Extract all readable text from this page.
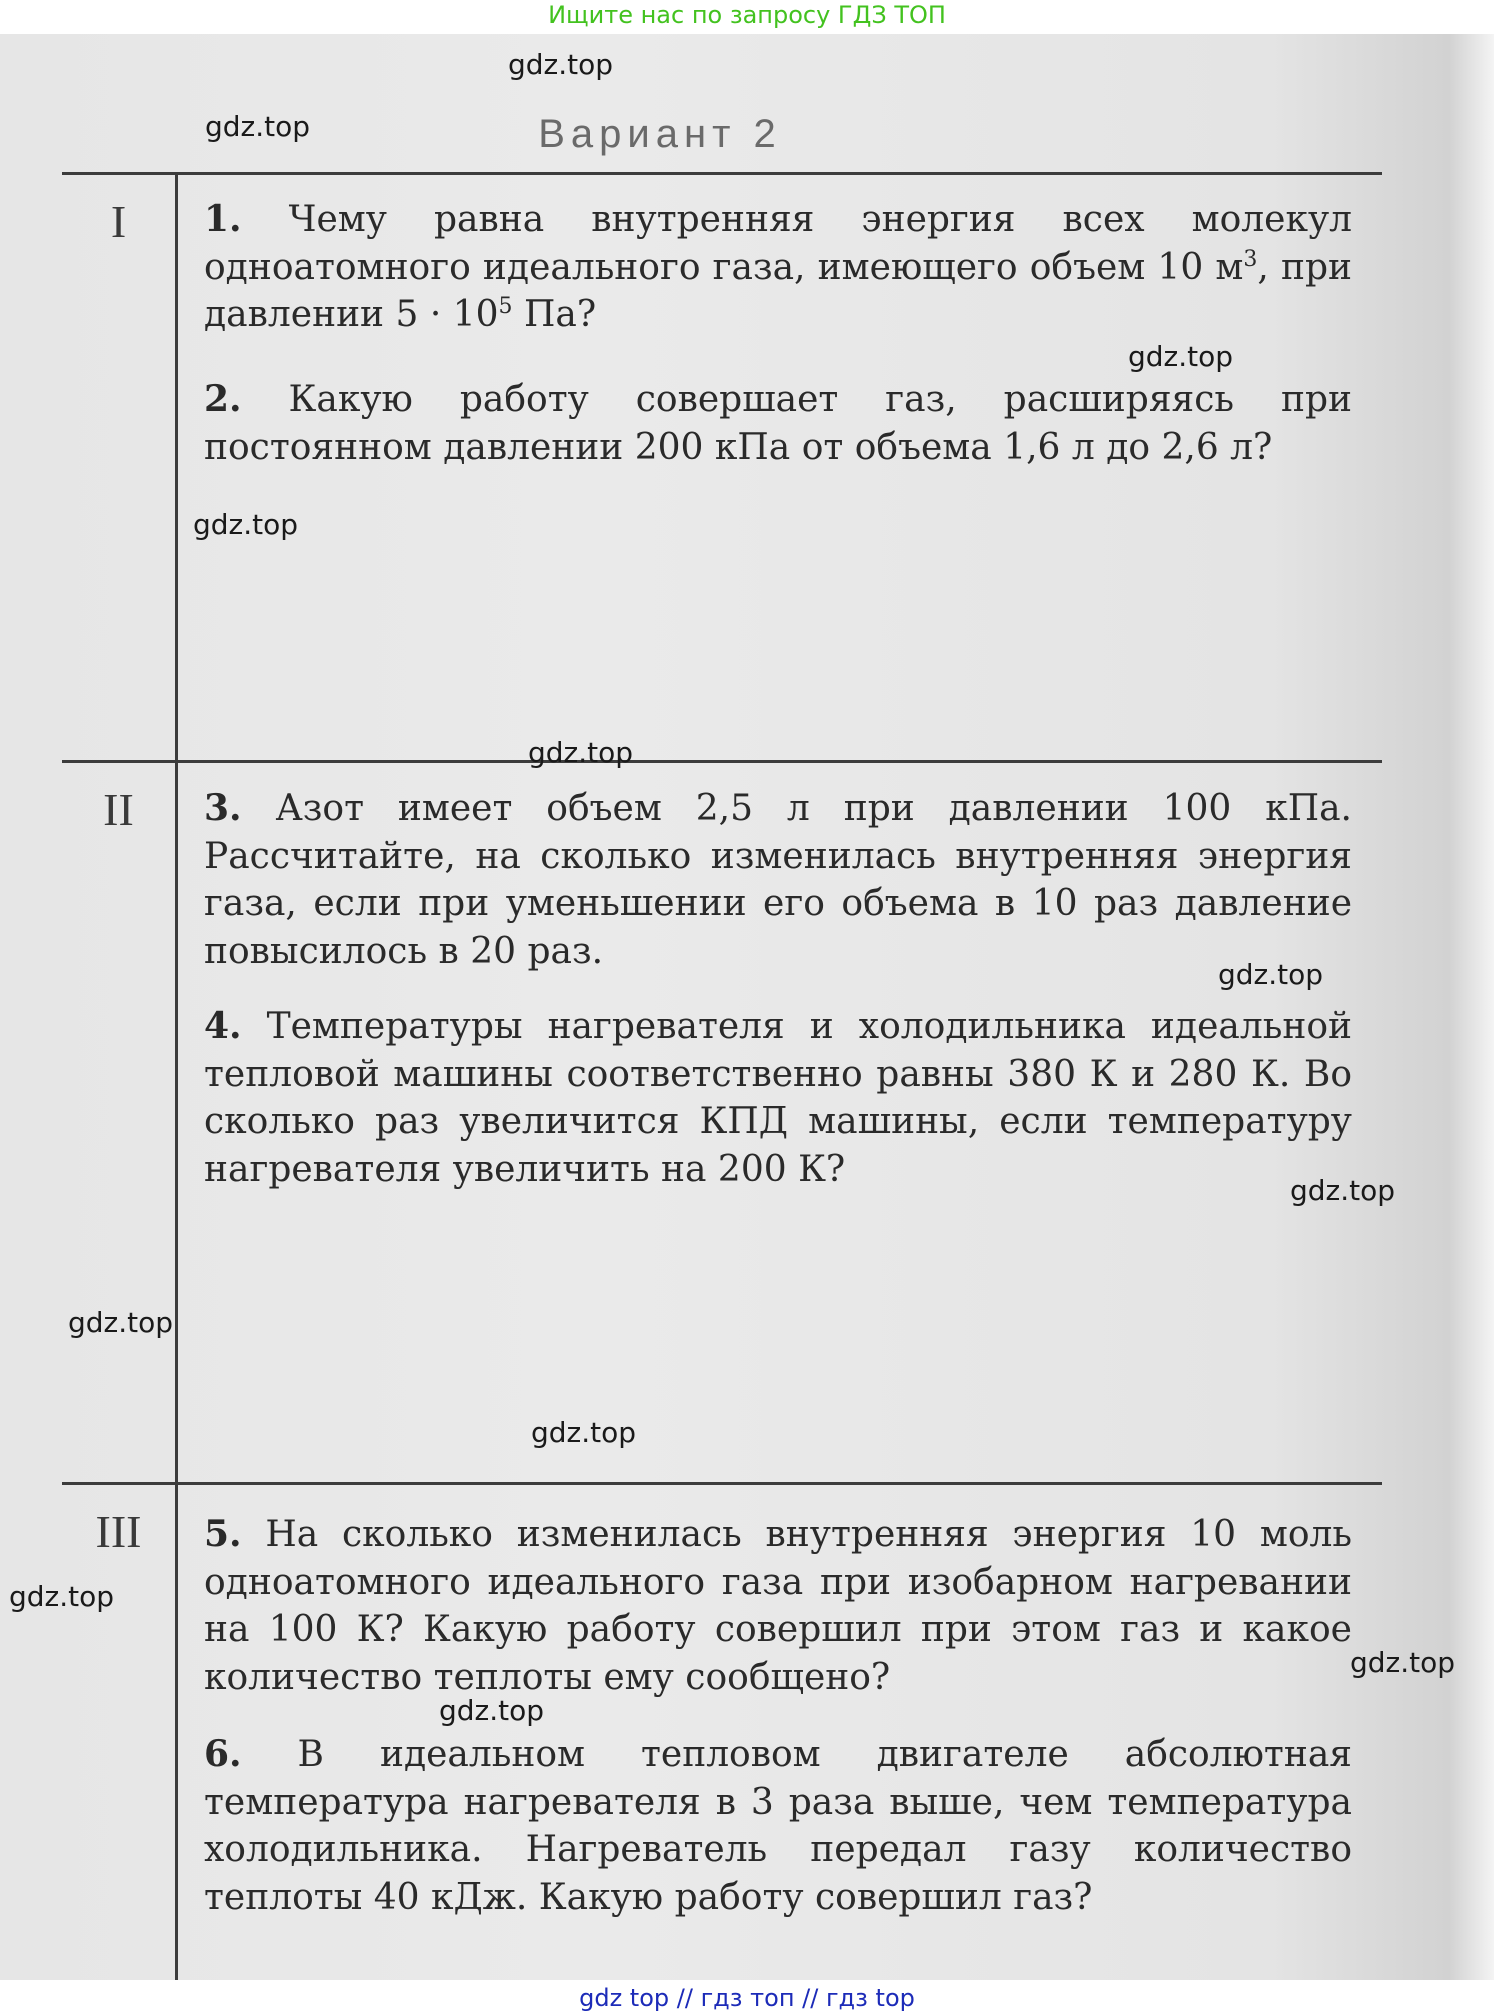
Ищите нас по запросу ГДЗ ТОП
Вариант 2
I	1. Чему равна внутренняя энергия всех молекул одноатомного идеального газа, имеющего объем 10 $м^3$, при давлении $5 \cdot 10^5$ Па?

2. Какую работу совершает газ, расширяясь при постоянном давлении 200 кПа от объема 1,6 л до 2,6 л?

II	3. Азот имеет объем 2,5 л при давлении 100 кПа. Рассчитайте, на сколько изменилась внутренняя энергия газа, если при уменьшении его объема в 10 раз давление повысилось в 20 раз.

4. Температуры нагревателя и холодильника идеальной тепловой машины соответственно равны 380 К и 280 К. Во сколько раз увеличится КПД машины, если температуру нагревателя увеличить на 200 К?

III	5. На сколько изменилась внутренняя энергия 10 моль одноатомного идеального газа при изобарном нагревании на 100 К? Какую работу совершил при этом газ и какое количество теплоты ему сообщено?

6. В идеальном тепловом двигателе абсолютная температура нагревателя в 3 раза выше, чем температура холодильника. Нагреватель передал газу количество теплоты 40 кДж. Какую работу совершил газ?

gdz.top
gdz.top
gdz.top
gdz.top
gdz.top
gdz.top
gdz.top
gdz.top
gdz.top
gdz.top
gdz.top
gdz.top
gdz top // гдз топ // гдз top
